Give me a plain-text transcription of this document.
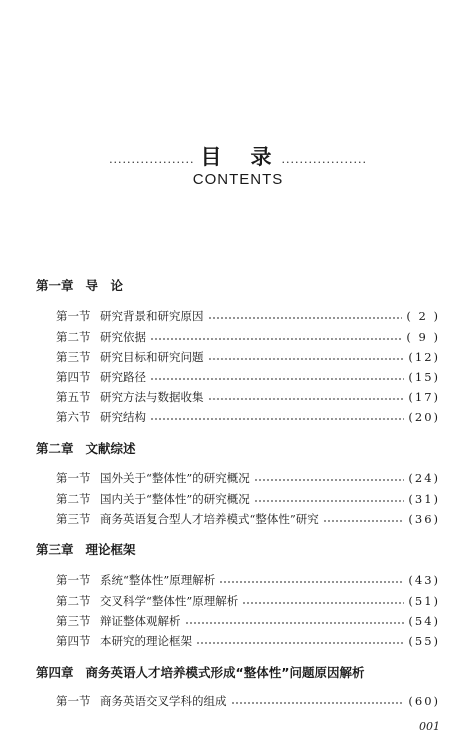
................... 目　录 ...................
CONTENTS
第一章 导　论
第一节 研究背景和研究原因	( 2 )
第二节 研究依据	( 9 )
第三节 研究目标和研究问题	(12)
第四节 研究路径	(15)
第五节 研究方法与数据收集	(17)
第六节 研究结构	(20)
第二章 文献综述
第一节 国外关于“整体性”的研究概况	(24)
第二节 国内关于“整体性”的研究概况	(31)
第三节 商务英语复合型人才培养模式“整体性”研究	(36)
第三章 理论框架
第一节 系统“整体性”原理解析	(43)
第二节 交叉科学“整体性”原理解析	(51)
第三节 辩证整体观解析	(54)
第四节 本研究的理论框架	(55)
第四章 商务英语人才培养模式形成“整体性”问题原因解析
第一节 商务英语交叉学科的组成	(60)
001
